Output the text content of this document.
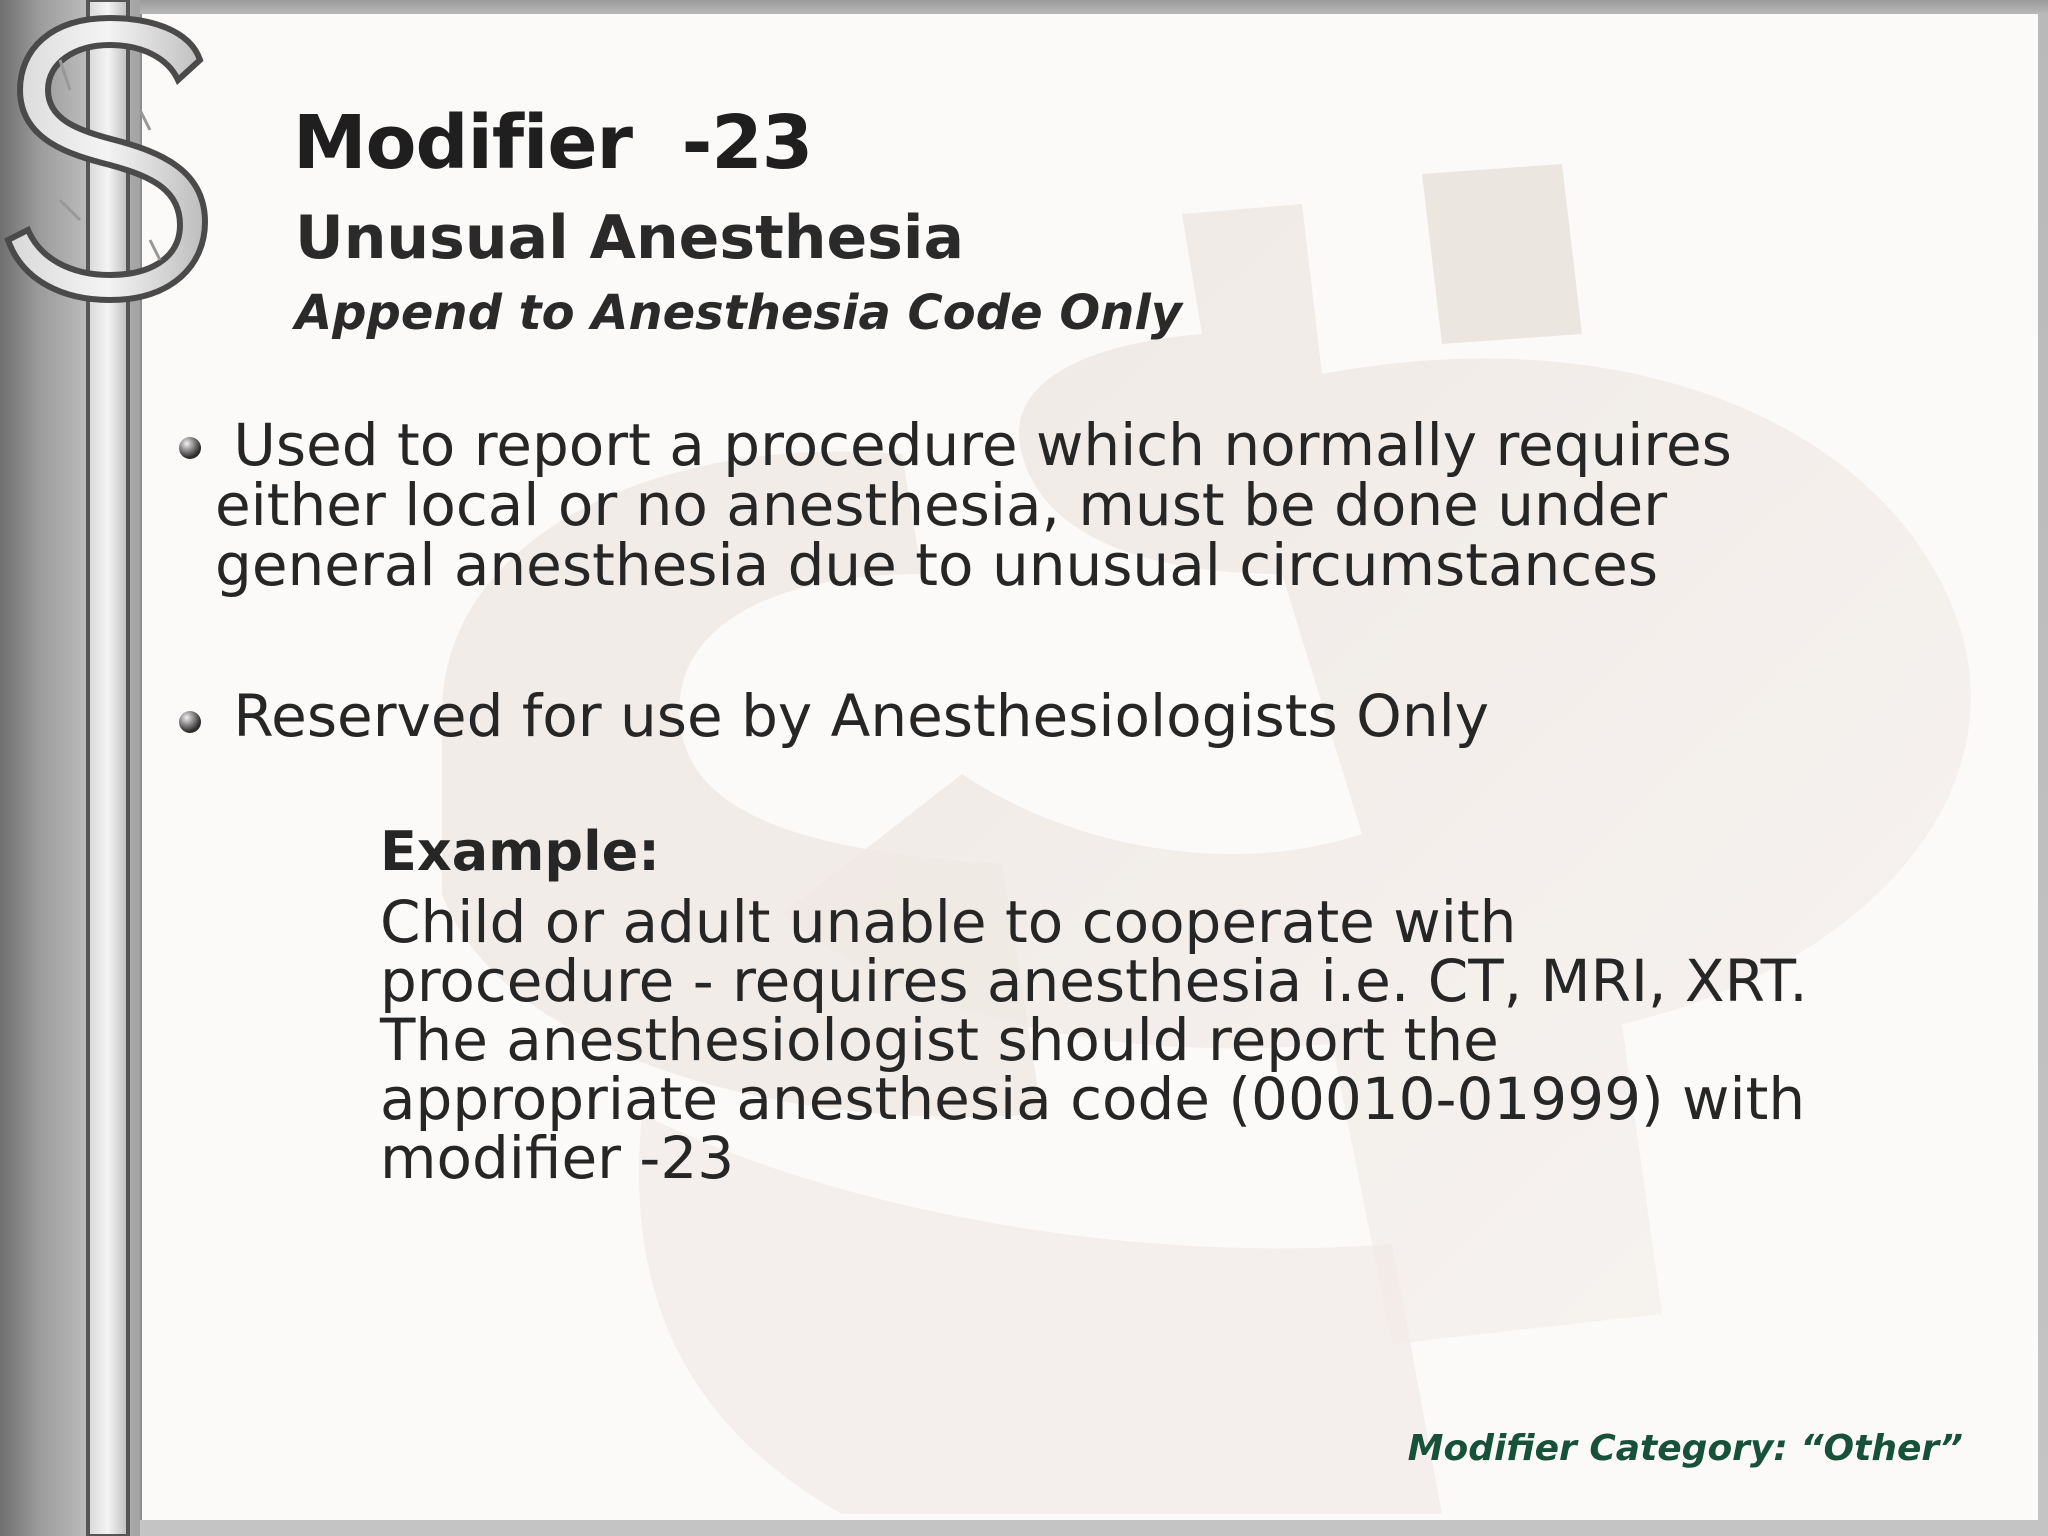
Modifier  -23
Unusual Anesthesia
Append to Anesthesia Code Only
Used to report a procedure which normally requires
either local or no anesthesia, must be done under
general anesthesia due to unusual circumstances
Reserved for use by Anesthesiologists Only
Example:
Child or adult unable to cooperate with
procedure - requires anesthesia i.e. CT, MRI, XRT.
The anesthesiologist should report the
appropriate anesthesia code (00010-01999) with
modifier -23
Modifier Category: “Other”
